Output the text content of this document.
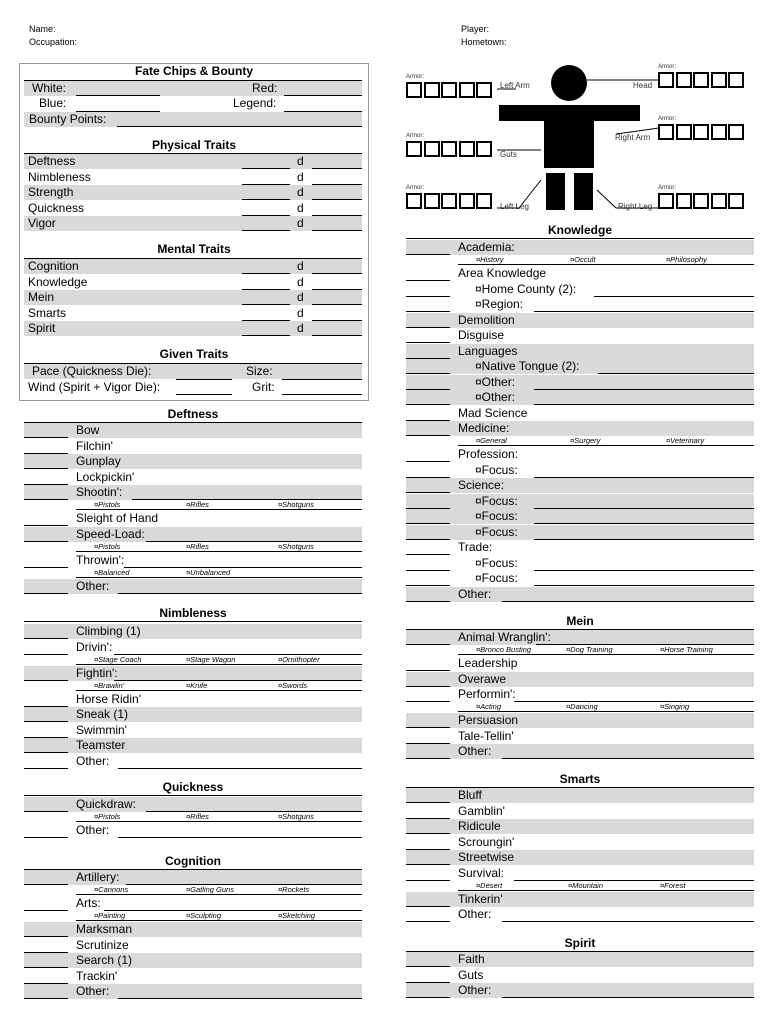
Name:
Occupation:
Player:
Hometown:
Fate Chips & Bounty
White:	Red:
Blue:	Legend:
Bounty Points:
Physical Traits
Deftness	d
Nimbleness	d
Strength	d
Quickness	d
Vigor	d
Mental Traits
Cognition	d
Knowledge	d
Mein	d
Smarts	d
Spirit	d
Given Traits
Pace (Quickness Die):	Size:
Wind (Spirit + Vigor Die):	Grit:
Armor:
Armor:
Armor:
Armor:
Armor:	Armor:
Left Arm	Head
Right Arm
Guts
Left Leg	Right Leg
Deftness
Bow
Filchin'
Gunplay
Lockpickin'
Shootin':
¤Pistols	¤Rifles	¤Shotguns
Sleight of Hand
Speed-Load:
¤Pistols	¤Rifles	¤Shotguns
Throwin':
¤Balanced	¤Unbalanced
Other:
Nimbleness
Climbing (1)
Drivin':
¤Stage Coach	¤Stage Wagon	¤Ornithopter
Fightin':
¤Brawlin'	¤Knife	¤Swords
Horse Ridin'
Sneak (1)
Swimmin'
Teamster
Other:
Quickness
Quickdraw:
¤Pistols	¤Rifles	¤Shotguns
Other:
Cognition
Artillery:
¤Cannons	¤Gatling Guns	¤Rockets
Arts:
¤Painting	¤Sculpting	¤Sketching
Marksman
Scrutinize
Search (1)
Trackin'
Other:
Knowledge
Academia:
¤History	¤Occult	¤Philosophy
Area Knowledge
¤Home County (2):
¤Region:
Demolition
Disguise
Languages
¤Native Tongue (2):
¤Other:
¤Other:
Mad Science
Medicine:
¤General	¤Surgery	¤Veterinary
Profession:
¤Focus:
Science:
¤Focus:
¤Focus:
¤Focus:
Trade:
¤Focus:
¤Focus:
Other:
Mein
Animal Wranglin':
¤Bronco Busting	¤Dog Training	¤Horse Training
Leadership
Overawe
Performin':
¤Acting	¤Dancing	¤Singing
Persuasion
Tale-Tellin'
Other:
Smarts
Bluff
Gamblin'
Ridicule
Scroungin'
Streetwise
Survival:
¤Desert	¤Mountain	¤Forest
Tinkerin'
Other:
Spirit
Faith
Guts
Other:
